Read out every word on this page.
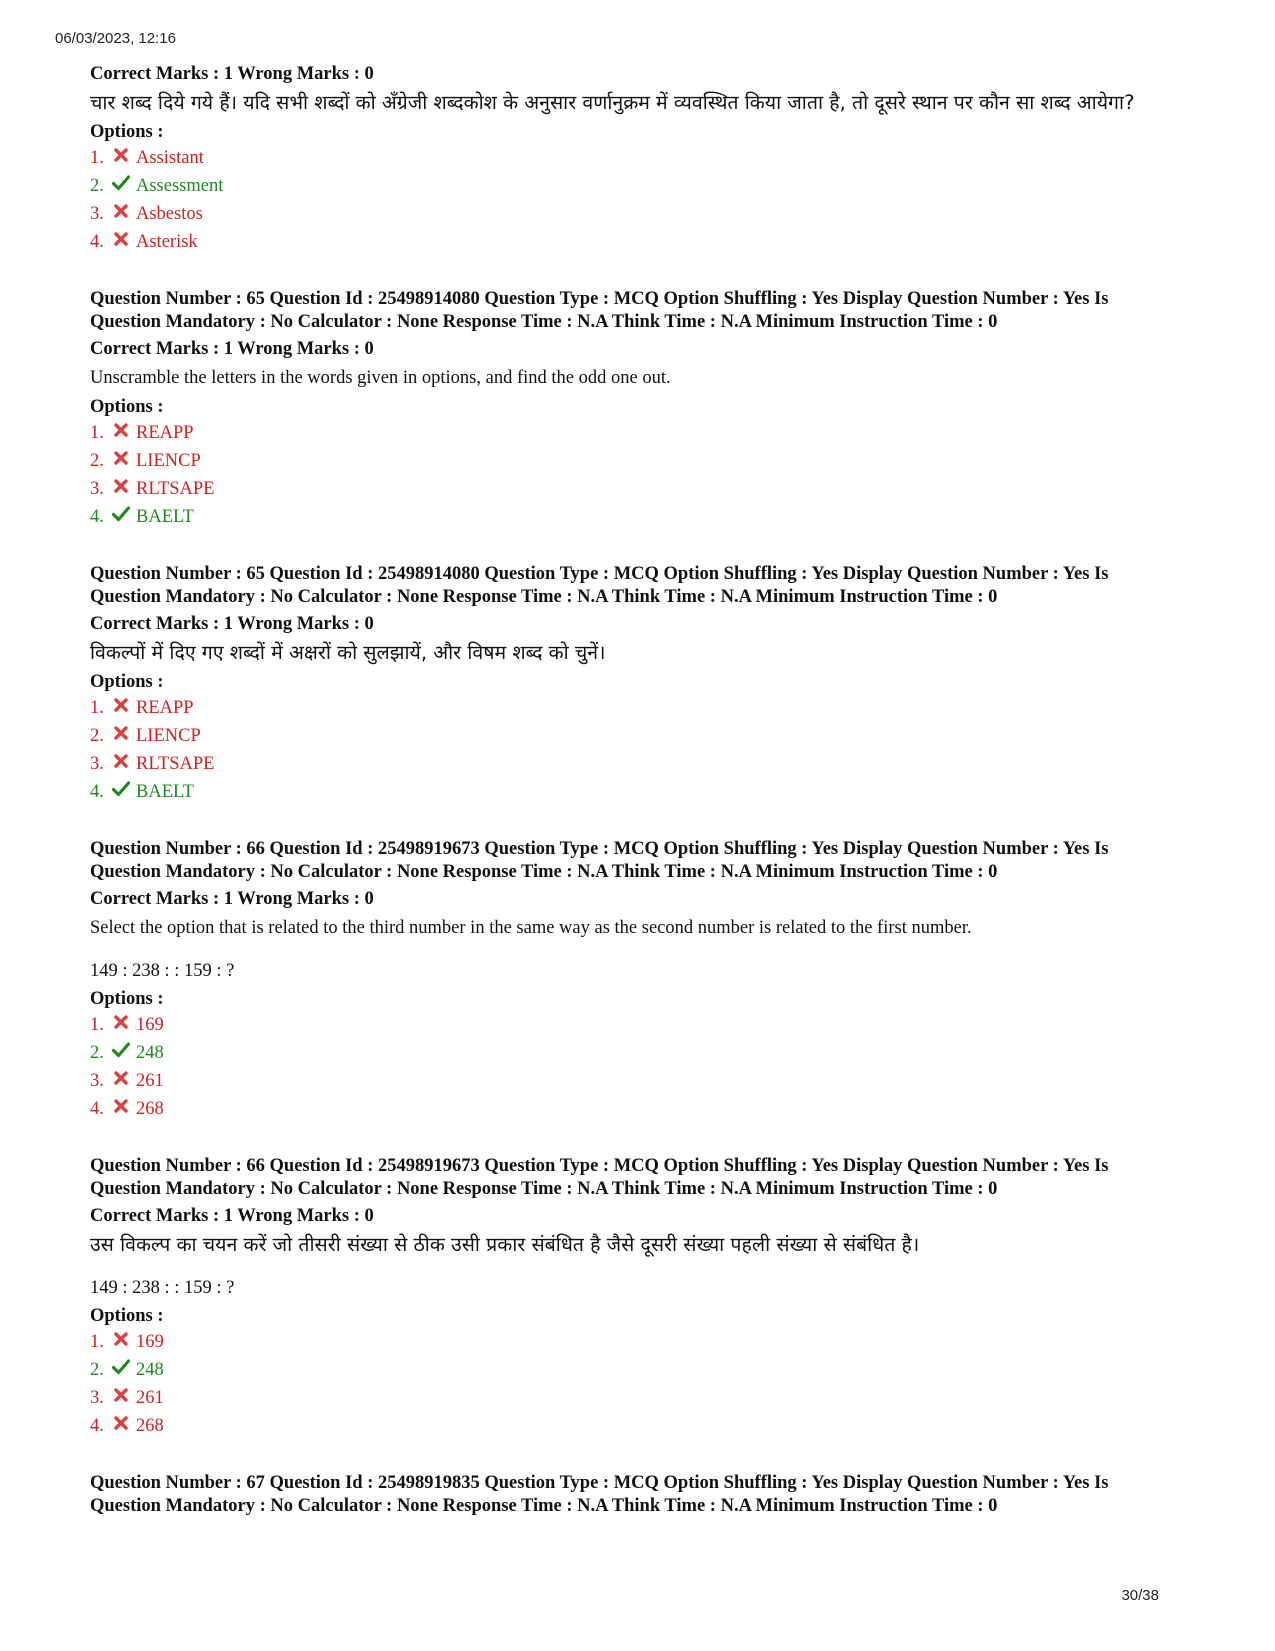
06/03/2023, 12:16
Correct Marks : 1 Wrong Marks : 0
चार शब्द दिये गये हैं। यदि सभी शब्दों को अँग्रेजी शब्दकोश के अनुसार वर्णानुक्रम में व्यवस्थित किया जाता है, तो दूसरे स्थान पर कौन सा शब्द आयेगा?
Options :
1.	Assistant
2.	Assessment
3.	Asbestos
4.	Asterisk
Question Number : 65 Question Id : 25498914080 Question Type : MCQ Option Shuffling : Yes Display Question Number : Yes Is
Question Mandatory : No Calculator : None Response Time : N.A Think Time : N.A Minimum Instruction Time : 0
Correct Marks : 1 Wrong Marks : 0
Unscramble the letters in the words given in options, and find the odd one out.
Options :
1.	REAPP
2.	LIENCP
3.	RLTSAPE
4.	BAELT
Question Number : 65 Question Id : 25498914080 Question Type : MCQ Option Shuffling : Yes Display Question Number : Yes Is
Question Mandatory : No Calculator : None Response Time : N.A Think Time : N.A Minimum Instruction Time : 0
Correct Marks : 1 Wrong Marks : 0
विकल्पों में दिए गए शब्दों में अक्षरों को सुलझायें, और विषम शब्द को चुनें।
Options :
1.	REAPP
2.	LIENCP
3.	RLTSAPE
4.	BAELT
Question Number : 66 Question Id : 25498919673 Question Type : MCQ Option Shuffling : Yes Display Question Number : Yes Is
Question Mandatory : No Calculator : None Response Time : N.A Think Time : N.A Minimum Instruction Time : 0
Correct Marks : 1 Wrong Marks : 0
Select the option that is related to the third number in the same way as the second number is related to the first number.
149 : 238 : : 159 : ?
Options :
1.	169
2.	248
3.	261
4.	268
Question Number : 66 Question Id : 25498919673 Question Type : MCQ Option Shuffling : Yes Display Question Number : Yes Is
Question Mandatory : No Calculator : None Response Time : N.A Think Time : N.A Minimum Instruction Time : 0
Correct Marks : 1 Wrong Marks : 0
उस विकल्प का चयन करें जो तीसरी संख्या से ठीक उसी प्रकार संबंधित है जैसे दूसरी संख्या पहली संख्या से संबंधित है।
149 : 238 : : 159 : ?
Options :
1.	169
2.	248
3.	261
4.	268
Question Number : 67 Question Id : 25498919835 Question Type : MCQ Option Shuffling : Yes Display Question Number : Yes Is
Question Mandatory : No Calculator : None Response Time : N.A Think Time : N.A Minimum Instruction Time : 0
30/38
